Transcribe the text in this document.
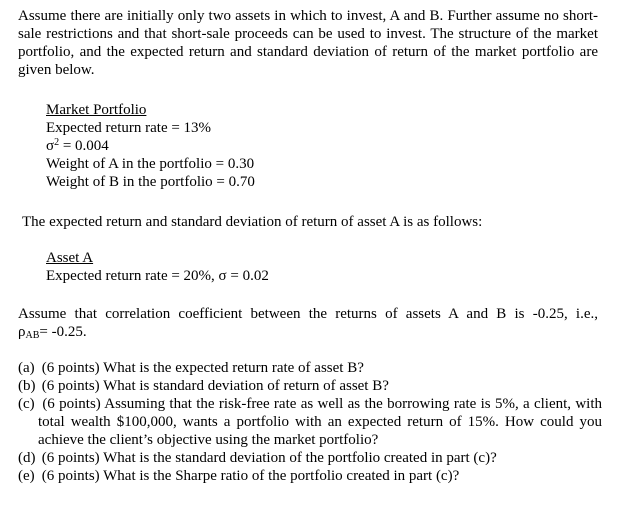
Assume there are initially only two assets in which to invest, A and B. Further assume no short-sale restrictions and that short-sale proceeds can be used to invest. The structure of the market portfolio, and the expected return and standard deviation of return of the market portfolio are given below.
Market Portfolio
Expected return rate = 13%
$\sigma^2 = 0.004$
Weight of A in the portfolio = 0.30
Weight of B in the portfolio = 0.70
The expected return and standard deviation of return of asset A is as follows:
Asset A
Expected return rate = 20%, σ = 0.02
Assume that correlation coefficient between the returns of assets A and B is -0.25, i.e.,
$\rho_{AB}= -0.25$.
(a) (6 points) What is the expected return rate of asset B?
(b) (6 points) What is standard deviation of return of asset B?
(c) (6 points) Assuming that the risk-free rate as well as the borrowing rate is 5%, a client, with total wealth $100,000, wants a portfolio with an expected return of 15%. How could you achieve the client’s objective using the market portfolio?
(d) (6 points) What is the standard deviation of the portfolio created in part (c)?
(e) (6 points) What is the Sharpe ratio of the portfolio created in part (c)?
